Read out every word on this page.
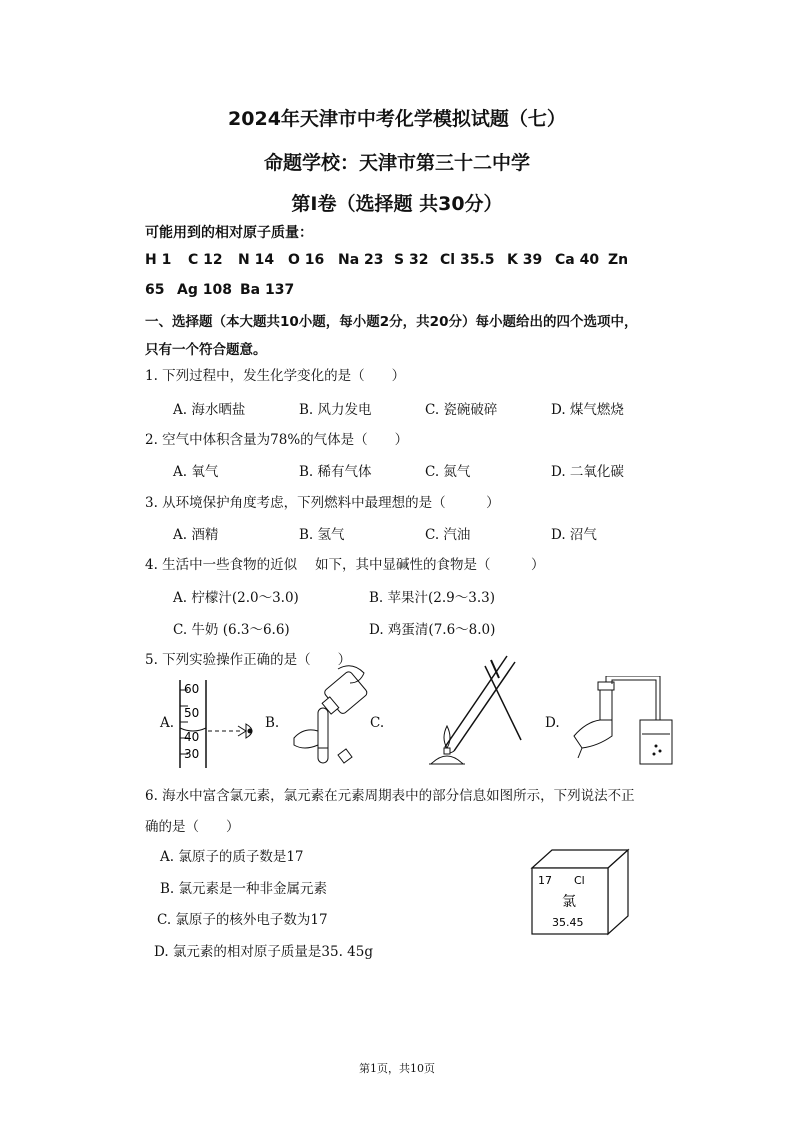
2024年天津市中考化学模拟试题（七）
命题学校：天津市第三十二中学
第Ⅰ卷（选择题 共30分）
可能用到的相对原子质量：
H 1 C 12 N 14 O 16 Na 23 S 32 Cl 35.5 K 39 Ca 40 Zn
65 Ag 108 Ba 137
一、选择题（本大题共10小题，每小题2分，共20分）每小题给出的四个选项中，
只有一个符合题意。
1. 下列过程中，发生化学变化的是（　　）
A. 海水晒盐	B. 风力发电	C. 瓷碗破碎	D. 煤气燃烧
2. 空气中体积含量为78%的气体是（　　）
A. 氧气	B. 稀有气体	C. 氮气	D. 二氧化碳
3. 从环境保护角度考虑，下列燃料中最理想的是（　　　）
A. 酒精	B. 氢气	C. 汽油	D. 沼气
4. 生活中一些食物的近似　 如下，其中显碱性的食物是（　　　）
A. 柠檬汁(2.0～3.0)	B. 苹果汁(2.9～3.3)
C. 牛奶 (6.3～6.6)	D. 鸡蛋清(7.6～8.0)
5. 下列实验操作正确的是（　　）
A.	B.	C.	D.
60
50
40
30
6. 海水中富含氯元素，氯元素在元素周期表中的部分信息如图所示，下列说法不正
确的是（　　）
A. 氯原子的质子数是17
B. 氯元素是一种非金属元素
C. 氯原子的核外电子数为17
D. 氯元素的相对原子质量是35. 45g
17 Cl
氯
35.45
第1页，共10页
